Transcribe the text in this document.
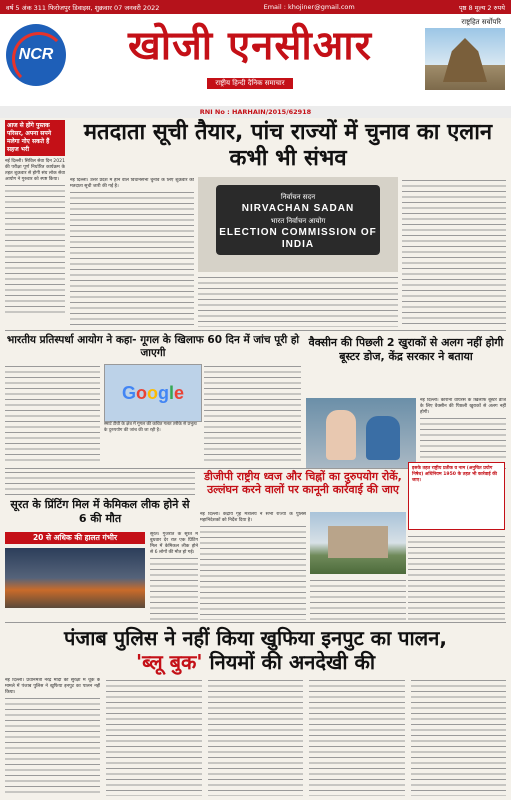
वर्ष 5 अंक 311 फिरोजपुर डिवाइस, शुक्रवार 07 जनवरी 2022	Email : khojiner@gmail.com	पृष्ठ 8 मूल्य 2 रुपये
NCR
राष्ट्रहित सर्वोपरि
खोजी एनसीआर
राष्ट्रीय हिन्दी दैनिक समाचार
RNI No : HARHAIN/2015/62918
आज से होंगे पुस्तक परिसर, अपना सपने मलेगा नोए सकते हैं सहज भरी

नई दिल्ली। सिविल सेवा दिन 2021 की परीक्षा पूर्ण निर्धारित कार्यक्रम के तहत शुक्रवार से होगी संघ लोक सेवा आयोग ने गुरुवार को स्पष्ट किया।

मतदाता सूची तैयार, पांच राज्यों में चुनाव का एलान कभी भी संभव

नई दिल्ली। उत्तर प्रदेश में होने वाले विधानसभा चुनाव के लिए शुक्रवार को मतदाता सूची जारी की गई है।

निर्वाचन सदन
NIRVACHAN SADAN
भारत निर्वाचन आयोग
ELECTION COMMISSION OF INDIA
भारतीय प्रतिस्पर्धा आयोग ने कहा- गूगल के खिलाफ 60 दिन में जांच पूरी हो जाएगी
G o o g l e
स्मार्ट टीवी के क्षेत्र में गूगल की कथित गलत तरीके से प्रभुत्व के दुरुपयोग की जांच की जा रही है।
वैक्सीन की पिछली 2 खुराकों से अलग नहीं होगी बूस्टर डोज, केंद्र सरकार ने बताया

नई दिल्ली। कोरोना वायरस के खिलाफ बूस्टर डोज के लिए वैक्सीन की पिछली खुराकों से अलग नहीं होगी।

सूरत के प्रिंटिंग मिल में केमिकल लीक होने से 6 की मौत
20 से अधिक की हालत गंभीर	सूरत। गुजरात के सूरत में बुधवार देर रात एक प्रिंटिंग मिल में केमिकल लीक होने से 6 लोगों की मौत हो गई।

डीजीपी राष्ट्रीय ध्वज और चिह्नों का दुरुपयोग रोकें, उल्लंघन करने वालों पर कानूनी कार्रवाई की जाए

नई दिल्ली। केंद्रीय गृह मंत्रालय ने सभी राज्यों के पुलिस महानिदेशकों को निर्देश दिया है।

इसके तहत राष्ट्रीय प्रतीक व नाम (अनुचित प्रयोग निषेध) अधिनियम 1950 के तहत भी कार्रवाई की जाए।
पंजाब पुलिस ने नहीं किया खुफिया इनपुट का पालन,
'ब्लू बुक' नियमों की अनदेखी की

नई दिल्ली। प्रधानमंत्री नरेंद्र मोदी की सुरक्षा में चूक के मामले में पंजाब पुलिस ने खुफिया इनपुट का पालन नहीं किया।
